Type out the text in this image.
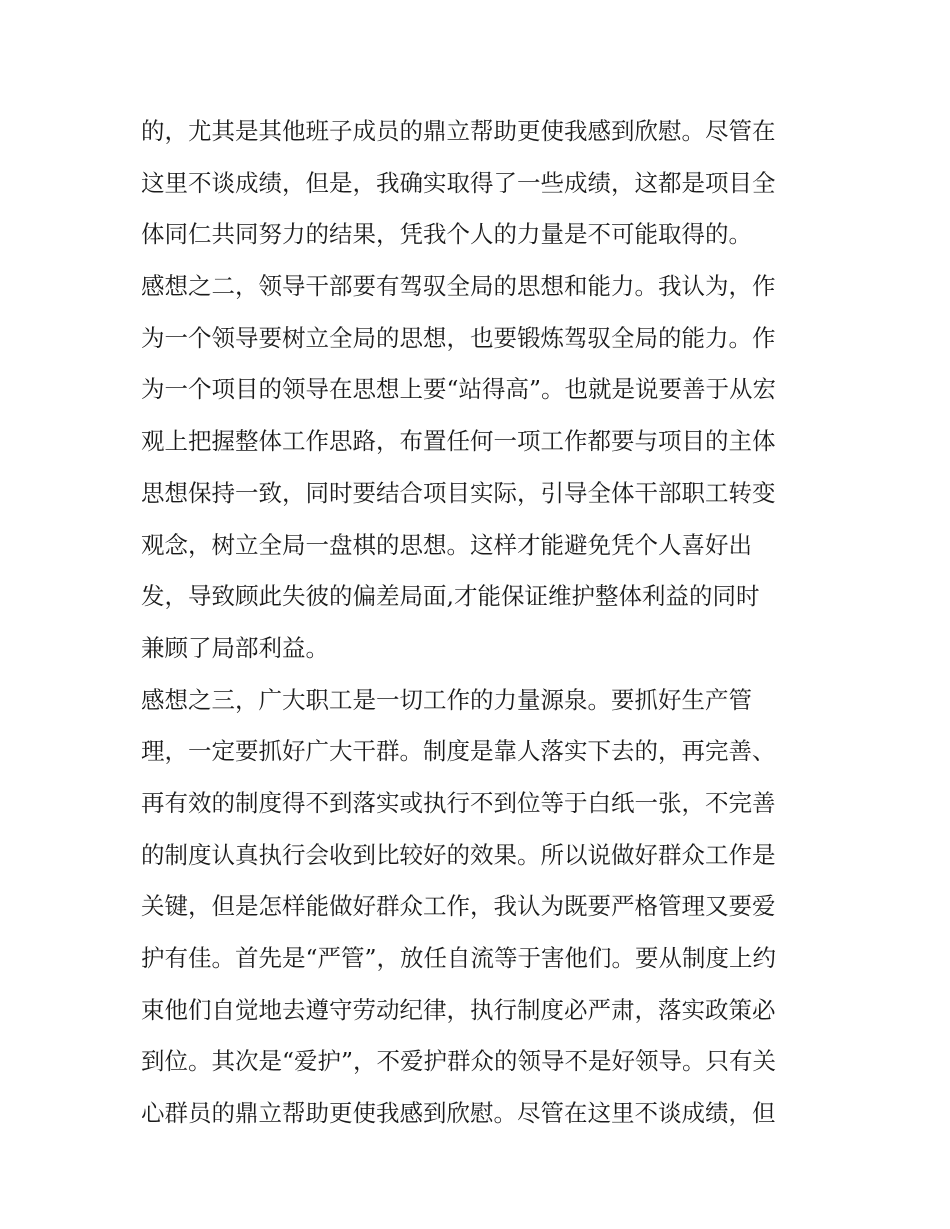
的，尤其是其他班子成员的鼎立帮助更使我感到欣慰。尽管在
这里不谈成绩，但是，我确实取得了一些成绩，这都是项目全
体同仁共同努力的结果，凭我个人的力量是不可能取得的。
感想之二，领导干部要有驾驭全局的思想和能力。我认为，作
为一个领导要树立全局的思想，也要锻炼驾驭全局的能力。作
为一个项目的领导在思想上要“站得高”。也就是说要善于从宏
观上把握整体工作思路，布置任何一项工作都要与项目的主体
思想保持一致，同时要结合项目实际，引导全体干部职工转变
观念，树立全局一盘棋的思想。这样才能避免凭个人喜好出
发，导致顾此失彼的偏差局面,才能保证维护整体利益的同时
兼顾了局部利益。
感想之三，广大职工是一切工作的力量源泉。要抓好生产管
理，一定要抓好广大干群。制度是靠人落实下去的，再完善、
再有效的制度得不到落实或执行不到位等于白纸一张，不完善
的制度认真执行会收到比较好的效果。所以说做好群众工作是
关键，但是怎样能做好群众工作，我认为既要严格管理又要爱
护有佳。首先是“严管”，放任自流等于害他们。要从制度上约
束他们自觉地去遵守劳动纪律，执行制度必严肃，落实政策必
到位。其次是“爱护”，不爱护群众的领导不是好领导。只有关
心群员的鼎立帮助更使我感到欣慰。尽管在这里不谈成绩，但
